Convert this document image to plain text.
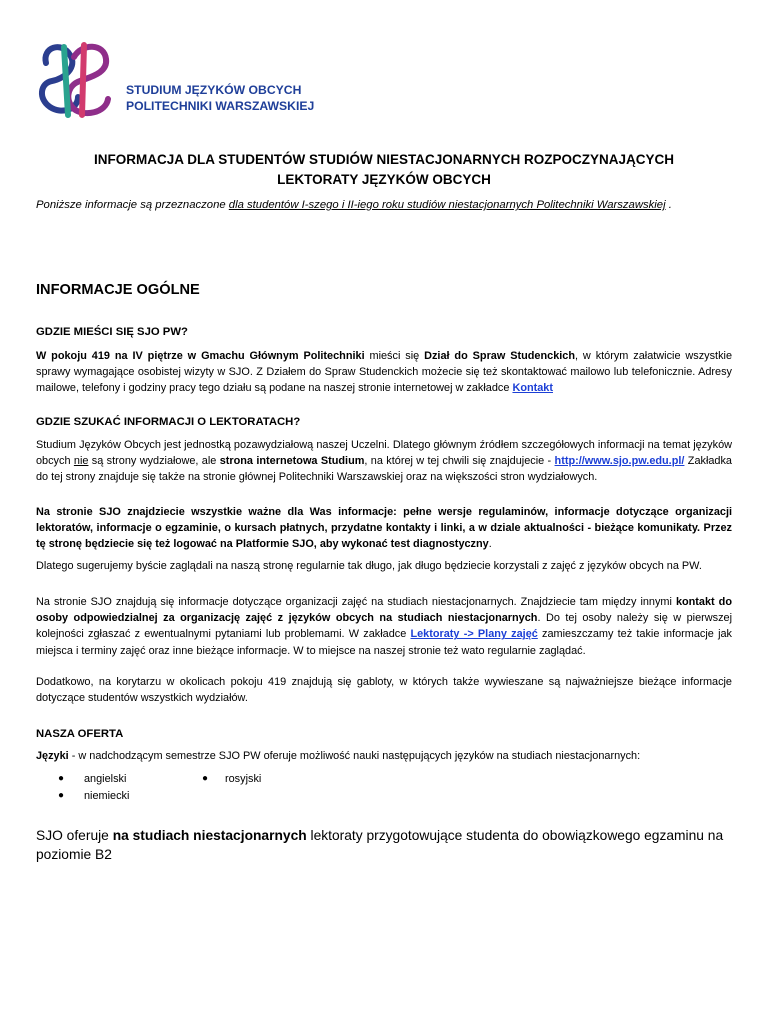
STUDIUM JĘZYKÓW OBCYCH
POLITECHNIKI WARSZAWSKIEJ
INFORMACJA DLA STUDENTÓW STUDIÓW NIESTACJONARNYCH ROZPOCZYNAJĄCYCH
LEKTORATY JĘZYKÓW OBCYCH
Poniższe informacje są przeznaczone dla studentów I-szego i II-iego roku studiów niestacjonarnych Politechniki Warszawskiej .
INFORMACJE OGÓLNE
GDZIE MIEŚCI SIĘ SJO PW?
W pokoju 419 na IV piętrze w Gmachu Głównym Politechniki mieści się Dział do Spraw Studenckich, w którym załatwicie wszystkie sprawy wymagające osobistej wizyty w SJO. Z Działem do Spraw Studenckich możecie się też skontaktować mailowo lub telefonicznie. Adresy mailowe, telefony i godziny pracy tego działu są podane na naszej stronie internetowej w zakładce Kontakt
GDZIE SZUKAĆ INFORMACJI O LEKTORATACH?
Studium Języków Obcych jest jednostką pozawydziałową naszej Uczelni. Dlatego głównym źródłem szczegółowych informacji na temat języków obcych nie są strony wydziałowe, ale strona internetowa Studium, na której w tej chwili się znajdujecie - http://www.sjo.pw.edu.pl/ Zakładka do tej strony znajduje się także na stronie głównej Politechniki Warszawskiej oraz na większości stron wydziałowych.
Na stronie SJO znajdziecie wszystkie ważne dla Was informacje: pełne wersje regulaminów, informacje dotyczące organizacji lektoratów, informacje o egzaminie, o kursach płatnych, przydatne kontakty i linki, a w dziale aktualności - bieżące komunikaty. Przez tę stronę będziecie się też logować na Platformie SJO, aby wykonać test diagnostyczny.
Dlatego sugerujemy byście zaglądali na naszą stronę regularnie tak długo, jak długo będziecie korzystali z zajęć z języków obcych na PW.
Na stronie SJO znajdują się informacje dotyczące organizacji zajęć na studiach niestacjonarnych. Znajdziecie tam między innymi kontakt do osoby odpowiedzialnej za organizację zajęć z języków obcych na studiach niestacjonarnych. Do tej osoby należy się w pierwszej kolejności zgłaszać z ewentualnymi pytaniami lub problemami. W zakładce Lektoraty -> Plany zajęć zamieszczamy też takie informacje jak miejsca i terminy zajęć oraz inne bieżące informacje. W to miejsce na naszej stronie też wato regularnie zaglądać.
Dodatkowo, na korytarzu w okolicach pokoju 419 znajdują się gabloty, w których także wywieszane są najważniejsze bieżące informacje dotyczące studentów wszystkich wydziałów.
NASZA OFERTA
Języki - w nadchodzącym semestrze SJO PW oferuje możliwość nauki następujących języków na studiach niestacjonarnych:
● angielski
● niemiecki
● rosyjski
SJO oferuje na studiach niestacjonarnych lektoraty przygotowujące studenta do obowiązkowego egzaminu na poziomie B2
